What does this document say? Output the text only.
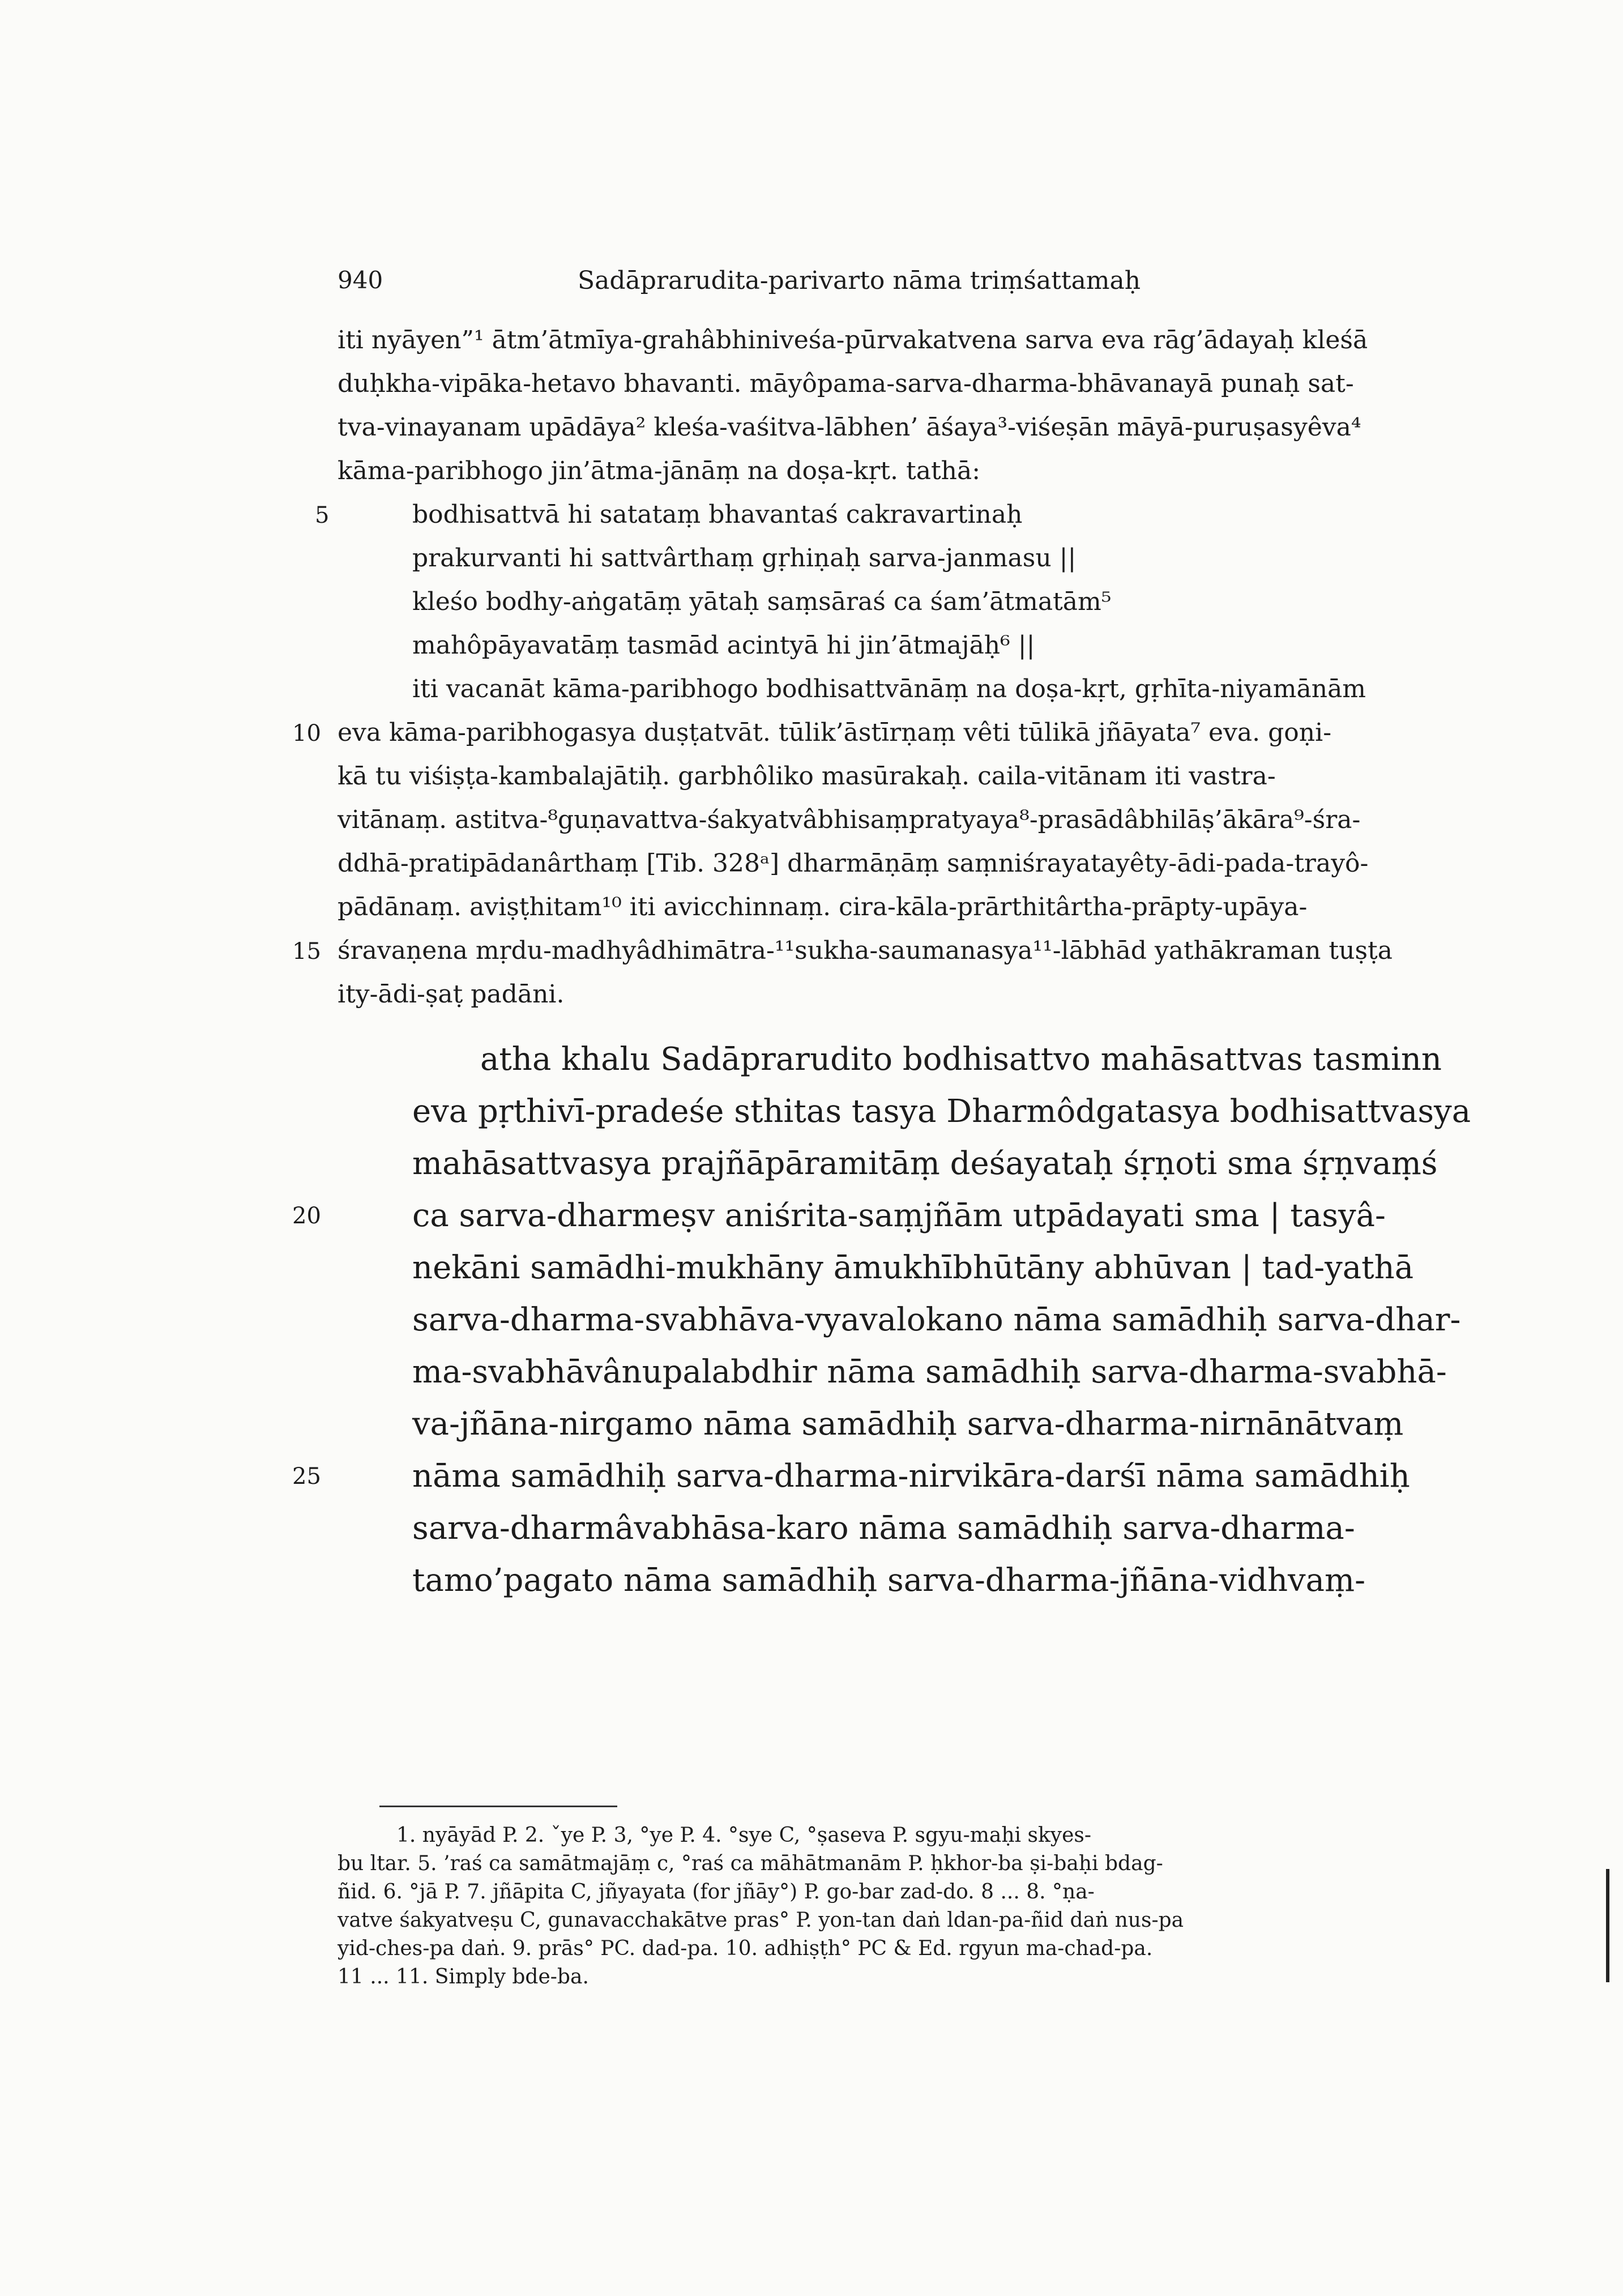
940	Sadāprarudita-parivarto nāma triṃśattamaḥ
iti nyāyen”¹ ātm’ātmīya-grahâbhiniveśa-pūrvakatvena sarva eva rāg’ādayaḥ kleśā
duḥkha-vipāka-hetavo bhavanti. māyôpama-sarva-dharma-bhāvanayā punaḥ sat-
tva-vinayanam upādāya² kleśa-vaśitva-lābhen’ āśaya³-viśeṣān māyā-puruṣasyêva⁴
kāma-paribhogo jin’ātma-jānāṃ na doṣa-kṛt. tathā:
bodhisattvā hi satataṃ bhavantaś cakravartinaḥ
prakurvanti hi sattvârthaṃ gṛhiṇaḥ sarva-janmasu ||
kleśo bodhy-aṅgatāṃ yātaḥ saṃsāraś ca śam’ātmatām⁵
mahôpāyavatāṃ tasmād acintyā hi jin’ātmajāḥ⁶ ||
iti vacanāt kāma-paribhogo bodhisattvānāṃ na doṣa-kṛt, gṛhīta-niyamānām
eva kāma-paribhogasya duṣṭatvāt. tūlik’āstīrṇaṃ vêti tūlikā jñāyata⁷ eva. goṇi-
kā tu viśiṣṭa-kambalajātiḥ. garbhôliko masūrakaḥ. caila-vitānam iti vastra-
vitānaṃ. astitva-⁸guṇavattva-śakyatvâbhisaṃpratyaya⁸-prasādâbhilāṣ’ākāra⁹-śra-
ddhā-pratipādanârthaṃ [Tib. 328ᵃ] dharmāṇāṃ saṃniśrayatayêty-ādi-pada-trayô-
pādānaṃ. aviṣṭhitam¹⁰ iti avicchinnaṃ. cira-kāla-prārthitârtha-prāpty-upāya-
śravaṇena mṛdu-madhyâdhimātra-¹¹sukha-saumanasya¹¹-lābhād yathākraman tuṣṭa
ity-ādi-ṣaṭ padāni.
atha khalu Sadāprarudito bodhisattvo mahāsattvas tasminn
eva pṛthivī-pradeśe sthitas tasya Dharmôdgatasya bodhisattvasya
mahāsattvasya prajñāpāramitāṃ deśayataḥ śṛṇoti sma śṛṇvaṃś
ca sarva-dharmeṣv aniśrita-saṃjñām utpādayati sma | tasyâ-
nekāni samādhi-mukhāny āmukhībhūtāny abhūvan | tad-yathā
sarva-dharma-svabhāva-vyavalokano nāma samādhiḥ sarva-dhar-
ma-svabhāvânupalabdhir nāma samādhiḥ sarva-dharma-svabhā-
va-jñāna-nirgamo nāma samādhiḥ sarva-dharma-nirnānātvaṃ
nāma samādhiḥ sarva-dharma-nirvikāra-darśī nāma samādhiḥ
sarva-dharmâvabhāsa-karo nāma samādhiḥ sarva-dharma-
tamo’pagato nāma samādhiḥ sarva-dharma-jñāna-vidhvaṃ-
5
10
15
20
25
1. nyāyād P. 2. ˇye P. 3, °ye P. 4. °sye C, °ṣaseva P. sgyu-maḥi skyes-
bu ltar. 5. ’raś ca samātmajāṃ c, °raś ca māhātmanām P. ḥkhor-ba ṣi-baḥi bdag-
ñid. 6. °jā P. 7. jñāpita C, jñyayata (for jñāy°) P. go-bar zad-do. 8 ... 8. °ṇa-
vatve śakyatveṣu C, gunavacchakātve pras° P. yon-tan daṅ ldan-pa-ñid daṅ nus-pa
yid-ches-pa daṅ. 9. prās° PC. dad-pa. 10. adhiṣṭh° PC & Ed. rgyun ma-chad-pa.
11 ... 11. Simply bde-ba.
